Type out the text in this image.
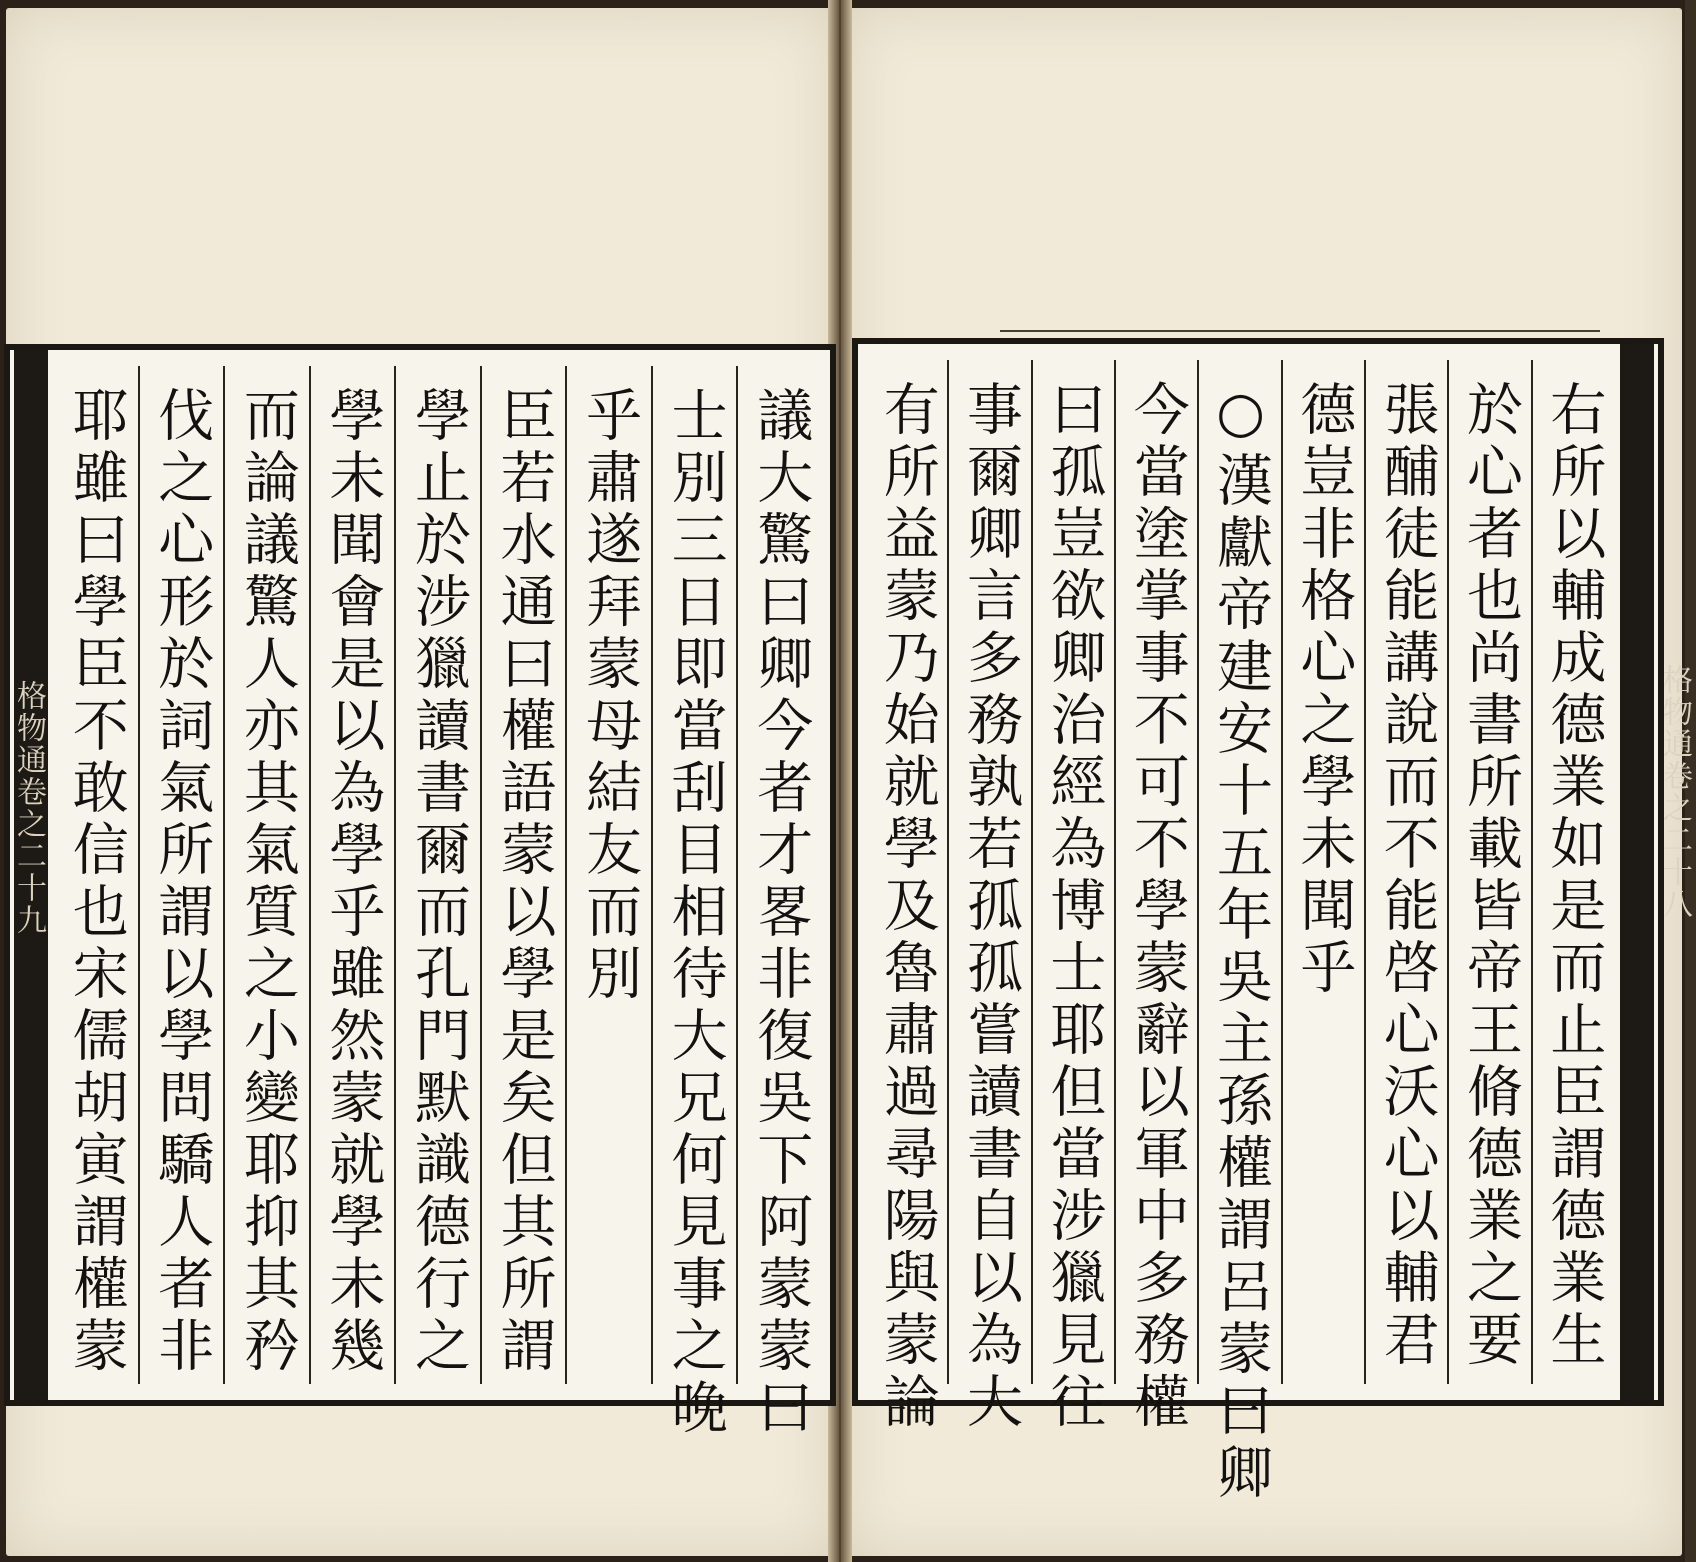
議大驚曰卿今者才畧非復吳下阿蒙蒙曰
士別三日即當刮目相待大兄何見事之晚
乎肅遂拜蒙母結友而別
臣若水通曰權語蒙以學是矣但其所謂
學止於涉獵讀書爾而孔門默識德行之
學未聞會是以為學乎雖然蒙就學未幾
而論議驚人亦其氣質之小變耶抑其矜
伐之心形於詞氣所謂以學問驕人者非
耶雖曰學臣不敢信也宋儒胡寅謂權蒙	右所以輔成德業如是而止臣謂德業生
於心者也尚書所載皆帝王脩德業之要
張酺徒能講說而不能啓心沃心以輔君
德豈非格心之學未聞乎
○漢獻帝建安十五年吳主孫權謂呂蒙曰卿
今當塗掌事不可不學蒙辭以軍中多務權
曰孤豈欲卿治經為博士耶但當涉獵見往
事爾卿言多務孰若孤孤嘗讀書自以為大
有所益蒙乃始就學及魯肅過尋陽與蒙論
格物通卷之二十九	格物通卷之二十八
